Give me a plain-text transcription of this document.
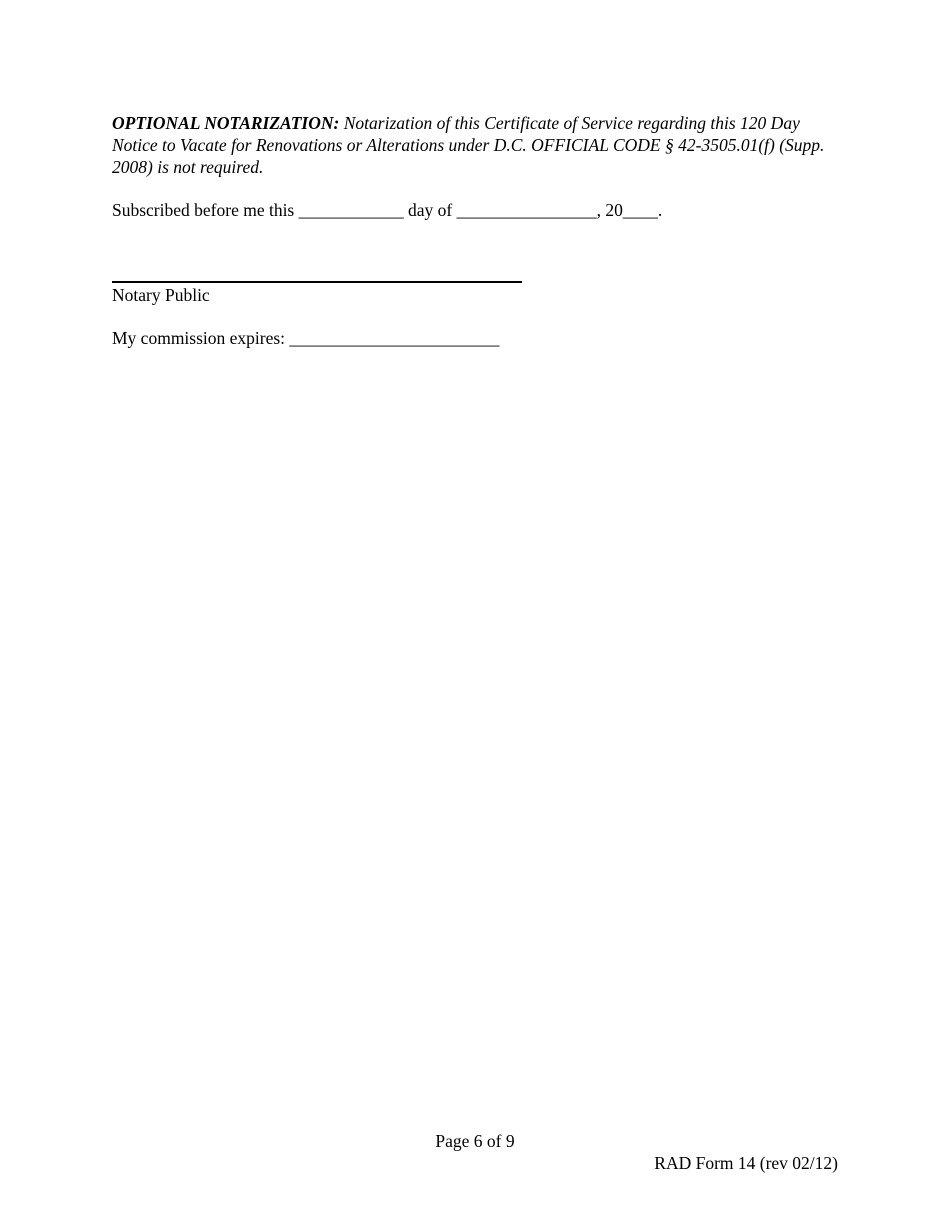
OPTIONAL NOTARIZATION: Notarization of this Certificate of Service regarding this 120 Day Notice to Vacate for Renovations or Alterations under D.C. OFFICIAL CODE § 42-3505.01(f) (Supp. 2008) is not required.

Subscribed before me this ____________ day of ________________, 20____.
Notary Public
My commission expires: ________________________
Page 6 of 9
RAD Form 14 (rev 02/12)
